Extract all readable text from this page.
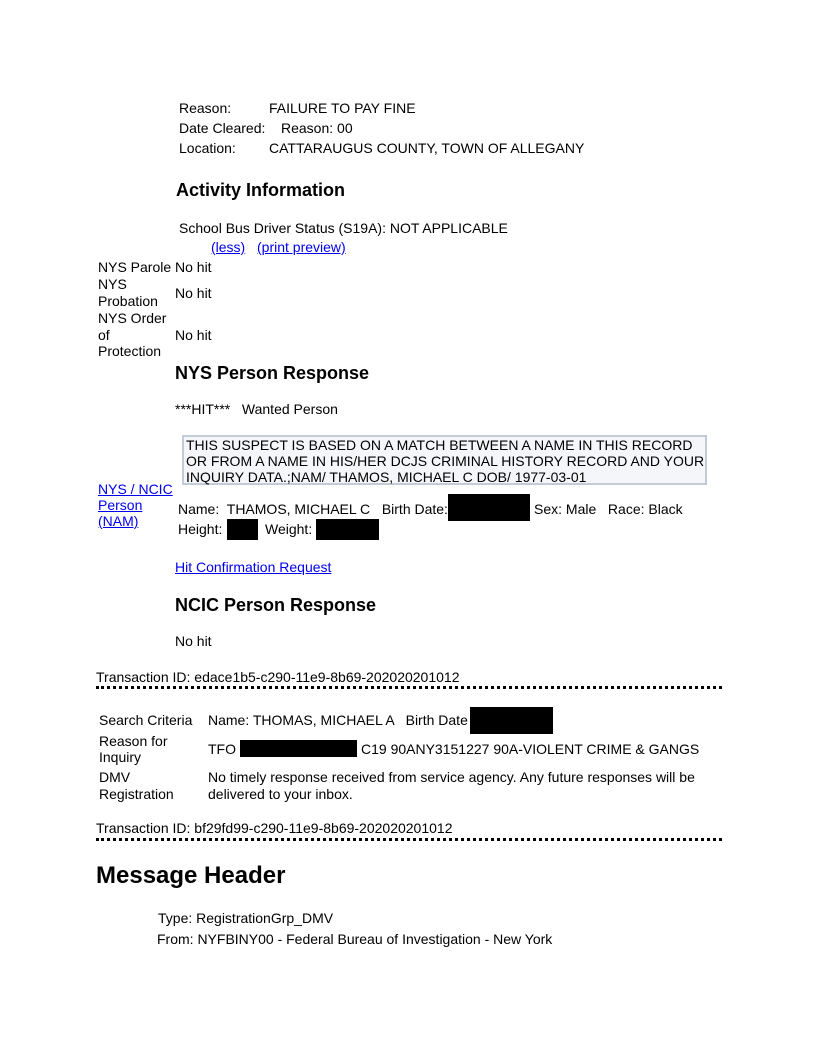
Reason:	FAILURE TO PAY FINE
Date Cleared: Reason: 00
Location: CATTARAUGUS COUNTY, TOWN OF ALLEGANY
Activity Information
School Bus Driver Status (S19A): NOT APPLICABLE
(less) (print preview)
NYS Parole No hit
NYS
Probation No hit
NYS Order
of
Protection
No hit
NYS Person Response
***HIT***   Wanted Person
THIS SUSPECT IS BASED ON A MATCH BETWEEN A NAME IN THIS RECORD OR FROM A NAME IN HIS/HER DCJS CRIMINAL HISTORY RECORD AND YOUR INQUIRY DATA.;NAM/ THAMOS, MICHAEL C DOB/ 1977-03-01
NYS / NCIC
Person
(NAM)
Name:  THAMOS, MICHAEL C   Birth Date:	Sex: Male   Race: Black
Height:	Weight:
Hit Confirmation Request
NCIC Person Response
No hit
Transaction ID: edace1b5-c290-11e9-8b69-202020201012
Search Criteria Name: THOMAS, MICHAEL A   Birth Date
Reason for
Inquiry	TFO	C19 90ANY3151227 90A-VIOLENT CRIME & GANGS
DMV
Registration
No timely response received from service agency. Any future responses will be
delivered to your inbox.
Transaction ID: bf29fd99-c290-11e9-8b69-202020201012
Message Header
Type: RegistrationGrp_DMV
From: NYFBINY00 - Federal Bureau of Investigation - New York
